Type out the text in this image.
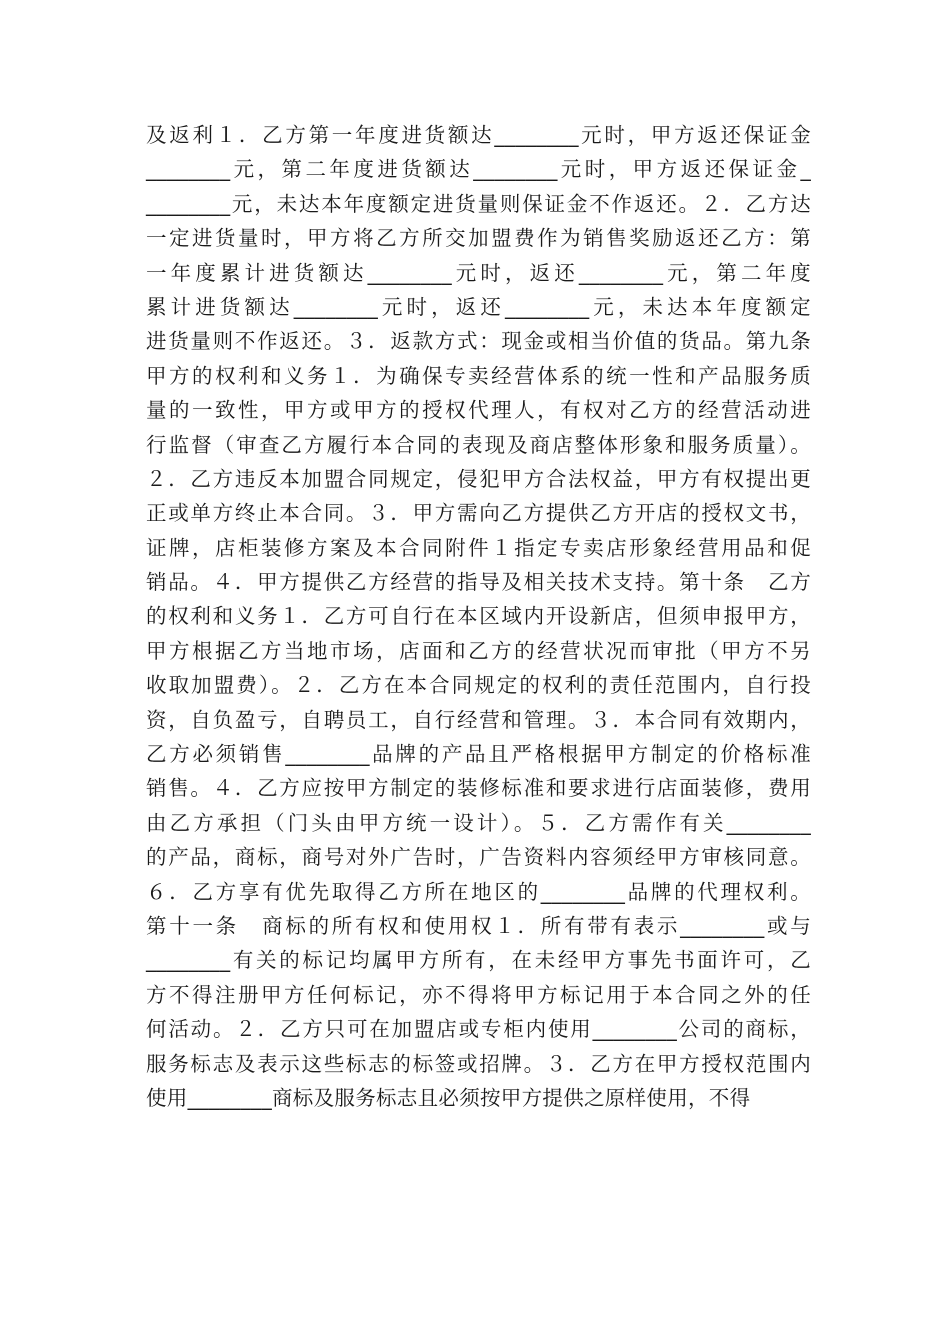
及返利１．乙方第一年度进货额达________元时，甲方返还保证金
________元，第二年度进货额达________元时，甲方返还保证金_
________元，未达本年度额定进货量则保证金不作返还。２．乙方达
一定进货量时，甲方将乙方所交加盟费作为销售奖励返还乙方：第
一年度累计进货额达________元时，返还________元，第二年度
累计进货额达________元时，返还________元，未达本年度额定
进货量则不作返还。３．返款方式：现金或相当价值的货品。第九条
甲方的权利和义务１．为确保专卖经营体系的统一性和产品服务质
量的一致性，甲方或甲方的授权代理人，有权对乙方的经营活动进
行监督（审查乙方履行本合同的表现及商店整体形象和服务质量）。
２．乙方违反本加盟合同规定，侵犯甲方合法权益，甲方有权提出更
正或单方终止本合同。３．甲方需向乙方提供乙方开店的授权文书，
证牌，店柜装修方案及本合同附件１指定专卖店形象经营用品和促
销品。４．甲方提供乙方经营的指导及相关技术支持。第十条　乙方
的权利和义务１．乙方可自行在本区域内开设新店，但须申报甲方，
甲方根据乙方当地市场，店面和乙方的经营状况而审批（甲方不另
收取加盟费）。２．乙方在本合同规定的权利的责任范围内，自行投
资，自负盈亏，自聘员工，自行经营和管理。３．本合同有效期内，
乙方必须销售________品牌的产品且严格根据甲方制定的价格标准
销售。４．乙方应按甲方制定的装修标准和要求进行店面装修，费用
由乙方承担（门头由甲方统一设计）。５．乙方需作有关________
的产品，商标，商号对外广告时，广告资料内容须经甲方审核同意。
６．乙方享有优先取得乙方所在地区的________品牌的代理权利。
第十一条　商标的所有权和使用权１．所有带有表示________或与
________有关的标记均属甲方所有，在未经甲方事先书面许可，乙
方不得注册甲方任何标记，亦不得将甲方标记用于本合同之外的任
何活动。２．乙方只可在加盟店或专柜内使用________公司的商标，
服务标志及表示这些标志的标签或招牌。３．乙方在甲方授权范围内
使用________商标及服务标志且必须按甲方提供之原样使用，不得
